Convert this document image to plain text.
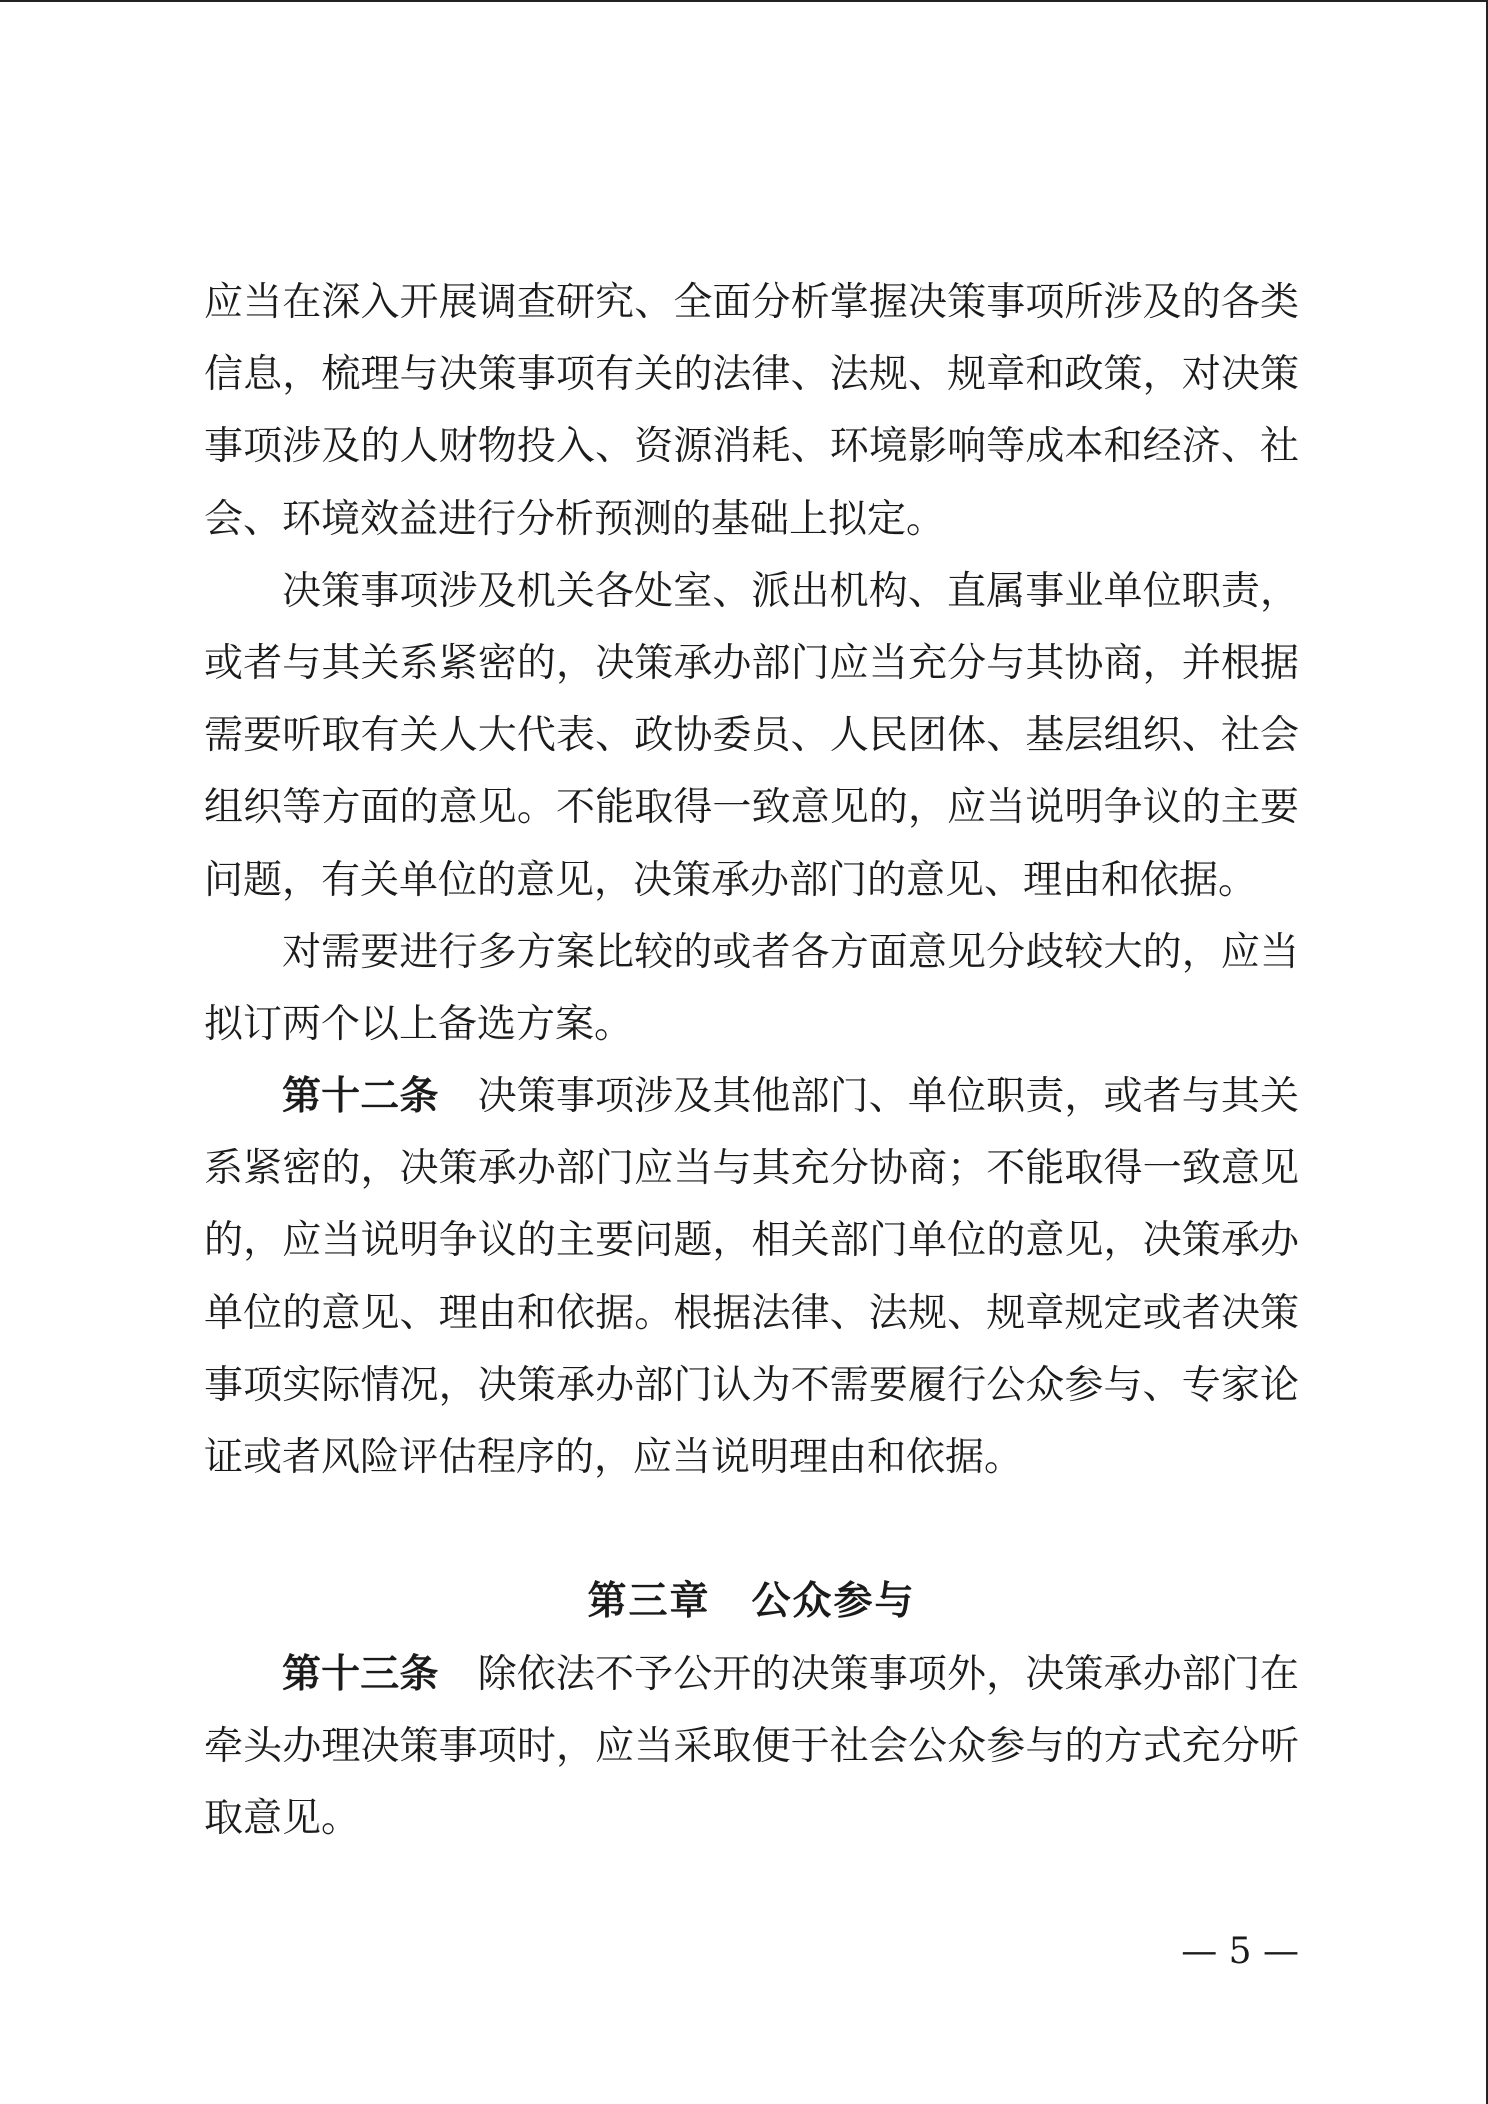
应当在深入开展调查研究、全面分析掌握决策事项所涉及的各类
信息，梳理与决策事项有关的法律、法规、规章和政策，对决策
事项涉及的人财物投入、资源消耗、环境影响等成本和经济、社
会、环境效益进行分析预测的基础上拟定。
决策事项涉及机关各处室、派出机构、直属事业单位职责，
或者与其关系紧密的，决策承办部门应当充分与其协商，并根据
需要听取有关人大代表、政协委员、人民团体、基层组织、社会
组织等方面的意见。不能取得一致意见的，应当说明争议的主要
问题，有关单位的意见，决策承办部门的意见、理由和依据。
对需要进行多方案比较的或者各方面意见分歧较大的，应当
拟订两个以上备选方案。
第十二条 决策事项涉及其他部门、单位职责，或者与其关
系紧密的，决策承办部门应当与其充分协商；不能取得一致意见
的，应当说明争议的主要问题，相关部门单位的意见，决策承办
单位的意见、理由和依据。根据法律、法规、规章规定或者决策
事项实际情况，决策承办部门认为不需要履行公众参与、专家论
证或者风险评估程序的，应当说明理由和依据。
第三章　公众参与
第十三条 除依法不予公开的决策事项外，决策承办部门在
牵头办理决策事项时，应当采取便于社会公众参与的方式充分听
取意见。
— 5 —
